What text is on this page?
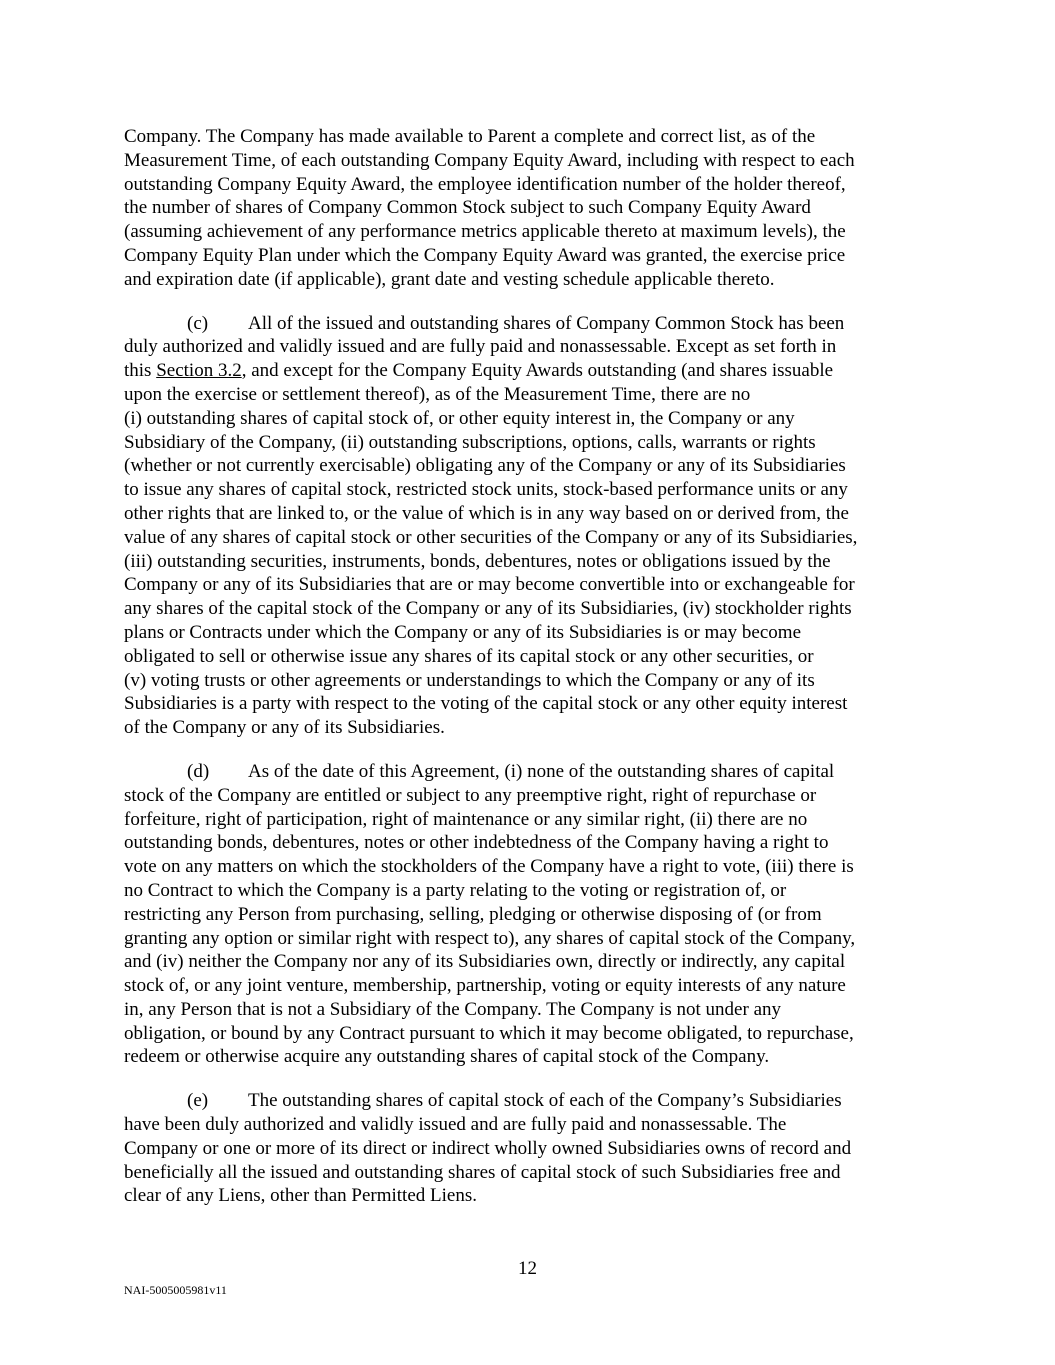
Company. The Company has made available to Parent a complete and correct list, as of the
Measurement Time, of each outstanding Company Equity Award, including with respect to each
outstanding Company Equity Award, the employee identification number of the holder thereof,
the number of shares of Company Common Stock subject to such Company Equity Award
(assuming achievement of any performance metrics applicable thereto at maximum levels), the
Company Equity Plan under which the Company Equity Award was granted, the exercise price
and expiration date (if applicable), grant date and vesting schedule applicable thereto.
(c) All of the issued and outstanding shares of Company Common Stock has been
duly authorized and validly issued and are fully paid and nonassessable. Except as set forth in
this Section 3.2, and except for the Company Equity Awards outstanding (and shares issuable
upon the exercise or settlement thereof), as of the Measurement Time, there are no
(i) outstanding shares of capital stock of, or other equity interest in, the Company or any
Subsidiary of the Company, (ii) outstanding subscriptions, options, calls, warrants or rights
(whether or not currently exercisable) obligating any of the Company or any of its Subsidiaries
to issue any shares of capital stock, restricted stock units, stock-based performance units or any
other rights that are linked to, or the value of which is in any way based on or derived from, the
value of any shares of capital stock or other securities of the Company or any of its Subsidiaries,
(iii) outstanding securities, instruments, bonds, debentures, notes or obligations issued by the
Company or any of its Subsidiaries that are or may become convertible into or exchangeable for
any shares of the capital stock of the Company or any of its Subsidiaries, (iv) stockholder rights
plans or Contracts under which the Company or any of its Subsidiaries is or may become
obligated to sell or otherwise issue any shares of its capital stock or any other securities, or
(v) voting trusts or other agreements or understandings to which the Company or any of its
Subsidiaries is a party with respect to the voting of the capital stock or any other equity interest
of the Company or any of its Subsidiaries.
(d) As of the date of this Agreement, (i) none of the outstanding shares of capital
stock of the Company are entitled or subject to any preemptive right, right of repurchase or
forfeiture, right of participation, right of maintenance or any similar right, (ii) there are no
outstanding bonds, debentures, notes or other indebtedness of the Company having a right to
vote on any matters on which the stockholders of the Company have a right to vote, (iii) there is
no Contract to which the Company is a party relating to the voting or registration of, or
restricting any Person from purchasing, selling, pledging or otherwise disposing of (or from
granting any option or similar right with respect to), any shares of capital stock of the Company,
and (iv) neither the Company nor any of its Subsidiaries own, directly or indirectly, any capital
stock of, or any joint venture, membership, partnership, voting or equity interests of any nature
in, any Person that is not a Subsidiary of the Company. The Company is not under any
obligation, or bound by any Contract pursuant to which it may become obligated, to repurchase,
redeem or otherwise acquire any outstanding shares of capital stock of the Company.
(e) The outstanding shares of capital stock of each of the Company’s Subsidiaries
have been duly authorized and validly issued and are fully paid and nonassessable. The
Company or one or more of its direct or indirect wholly owned Subsidiaries owns of record and
beneficially all the issued and outstanding shares of capital stock of such Subsidiaries free and
clear of any Liens, other than Permitted Liens.
12
NAI-5005005981v11
